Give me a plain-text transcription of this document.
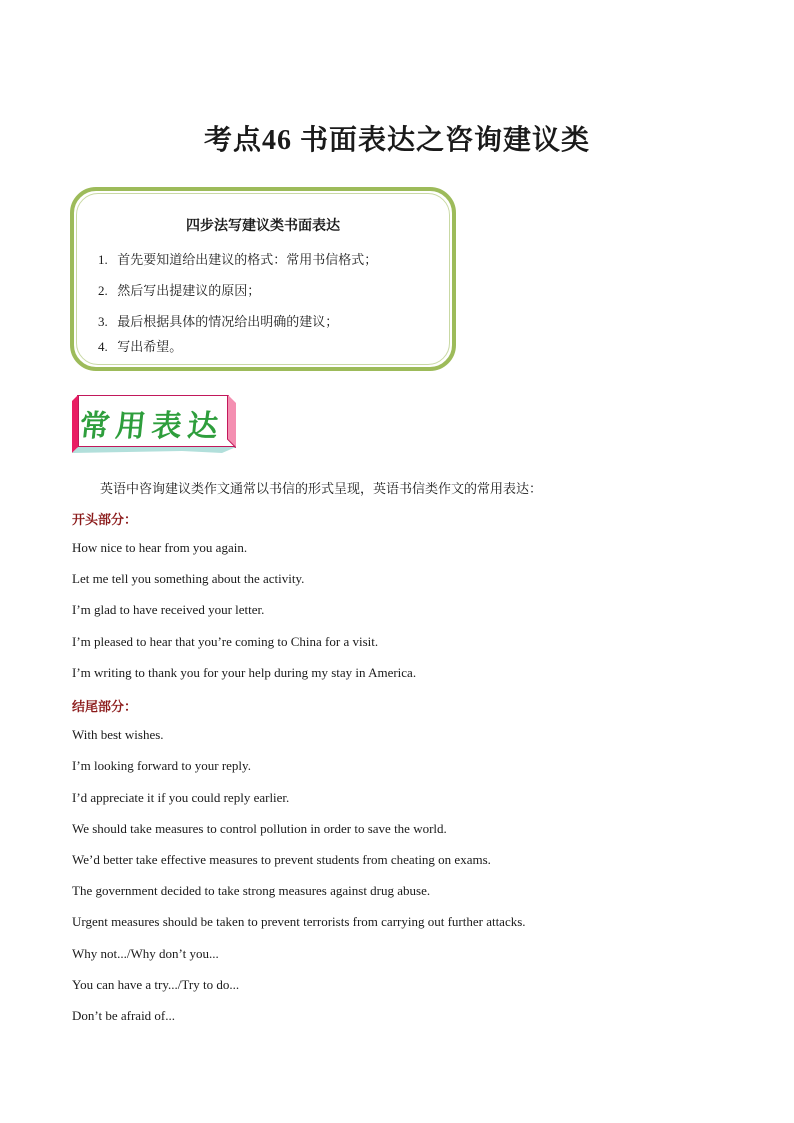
考点46 书面表达之咨询建议类
四步法写建议类书面表达
1. 首先要知道给出建议的格式：常用书信格式；
2. 然后写出提建议的原因；
3. 最后根据具体的情况给出明确的建议；
4. 写出希望。
常用表达
英语中咨询建议类作文通常以书信的形式呈现，英语书信类作文的常用表达：
开头部分：
How nice to hear from you again.
Let me tell you something about the activity.
I’m glad to have received your letter.
I’m pleased to hear that you’re coming to China for a visit.
I’m writing to thank you for your help during my stay in America.
结尾部分：
With best wishes.
I’m looking forward to your reply.
I’d appreciate it if you could reply earlier.
We should take measures to control pollution in order to save the world.
We’d better take effective measures to prevent students from cheating on exams.
The government decided to take strong measures against drug abuse.
Urgent measures should be taken to prevent terrorists from carrying out further attacks.
Why not.../Why don’t you...
You can have a try.../Try to do...
Don’t be afraid of...
